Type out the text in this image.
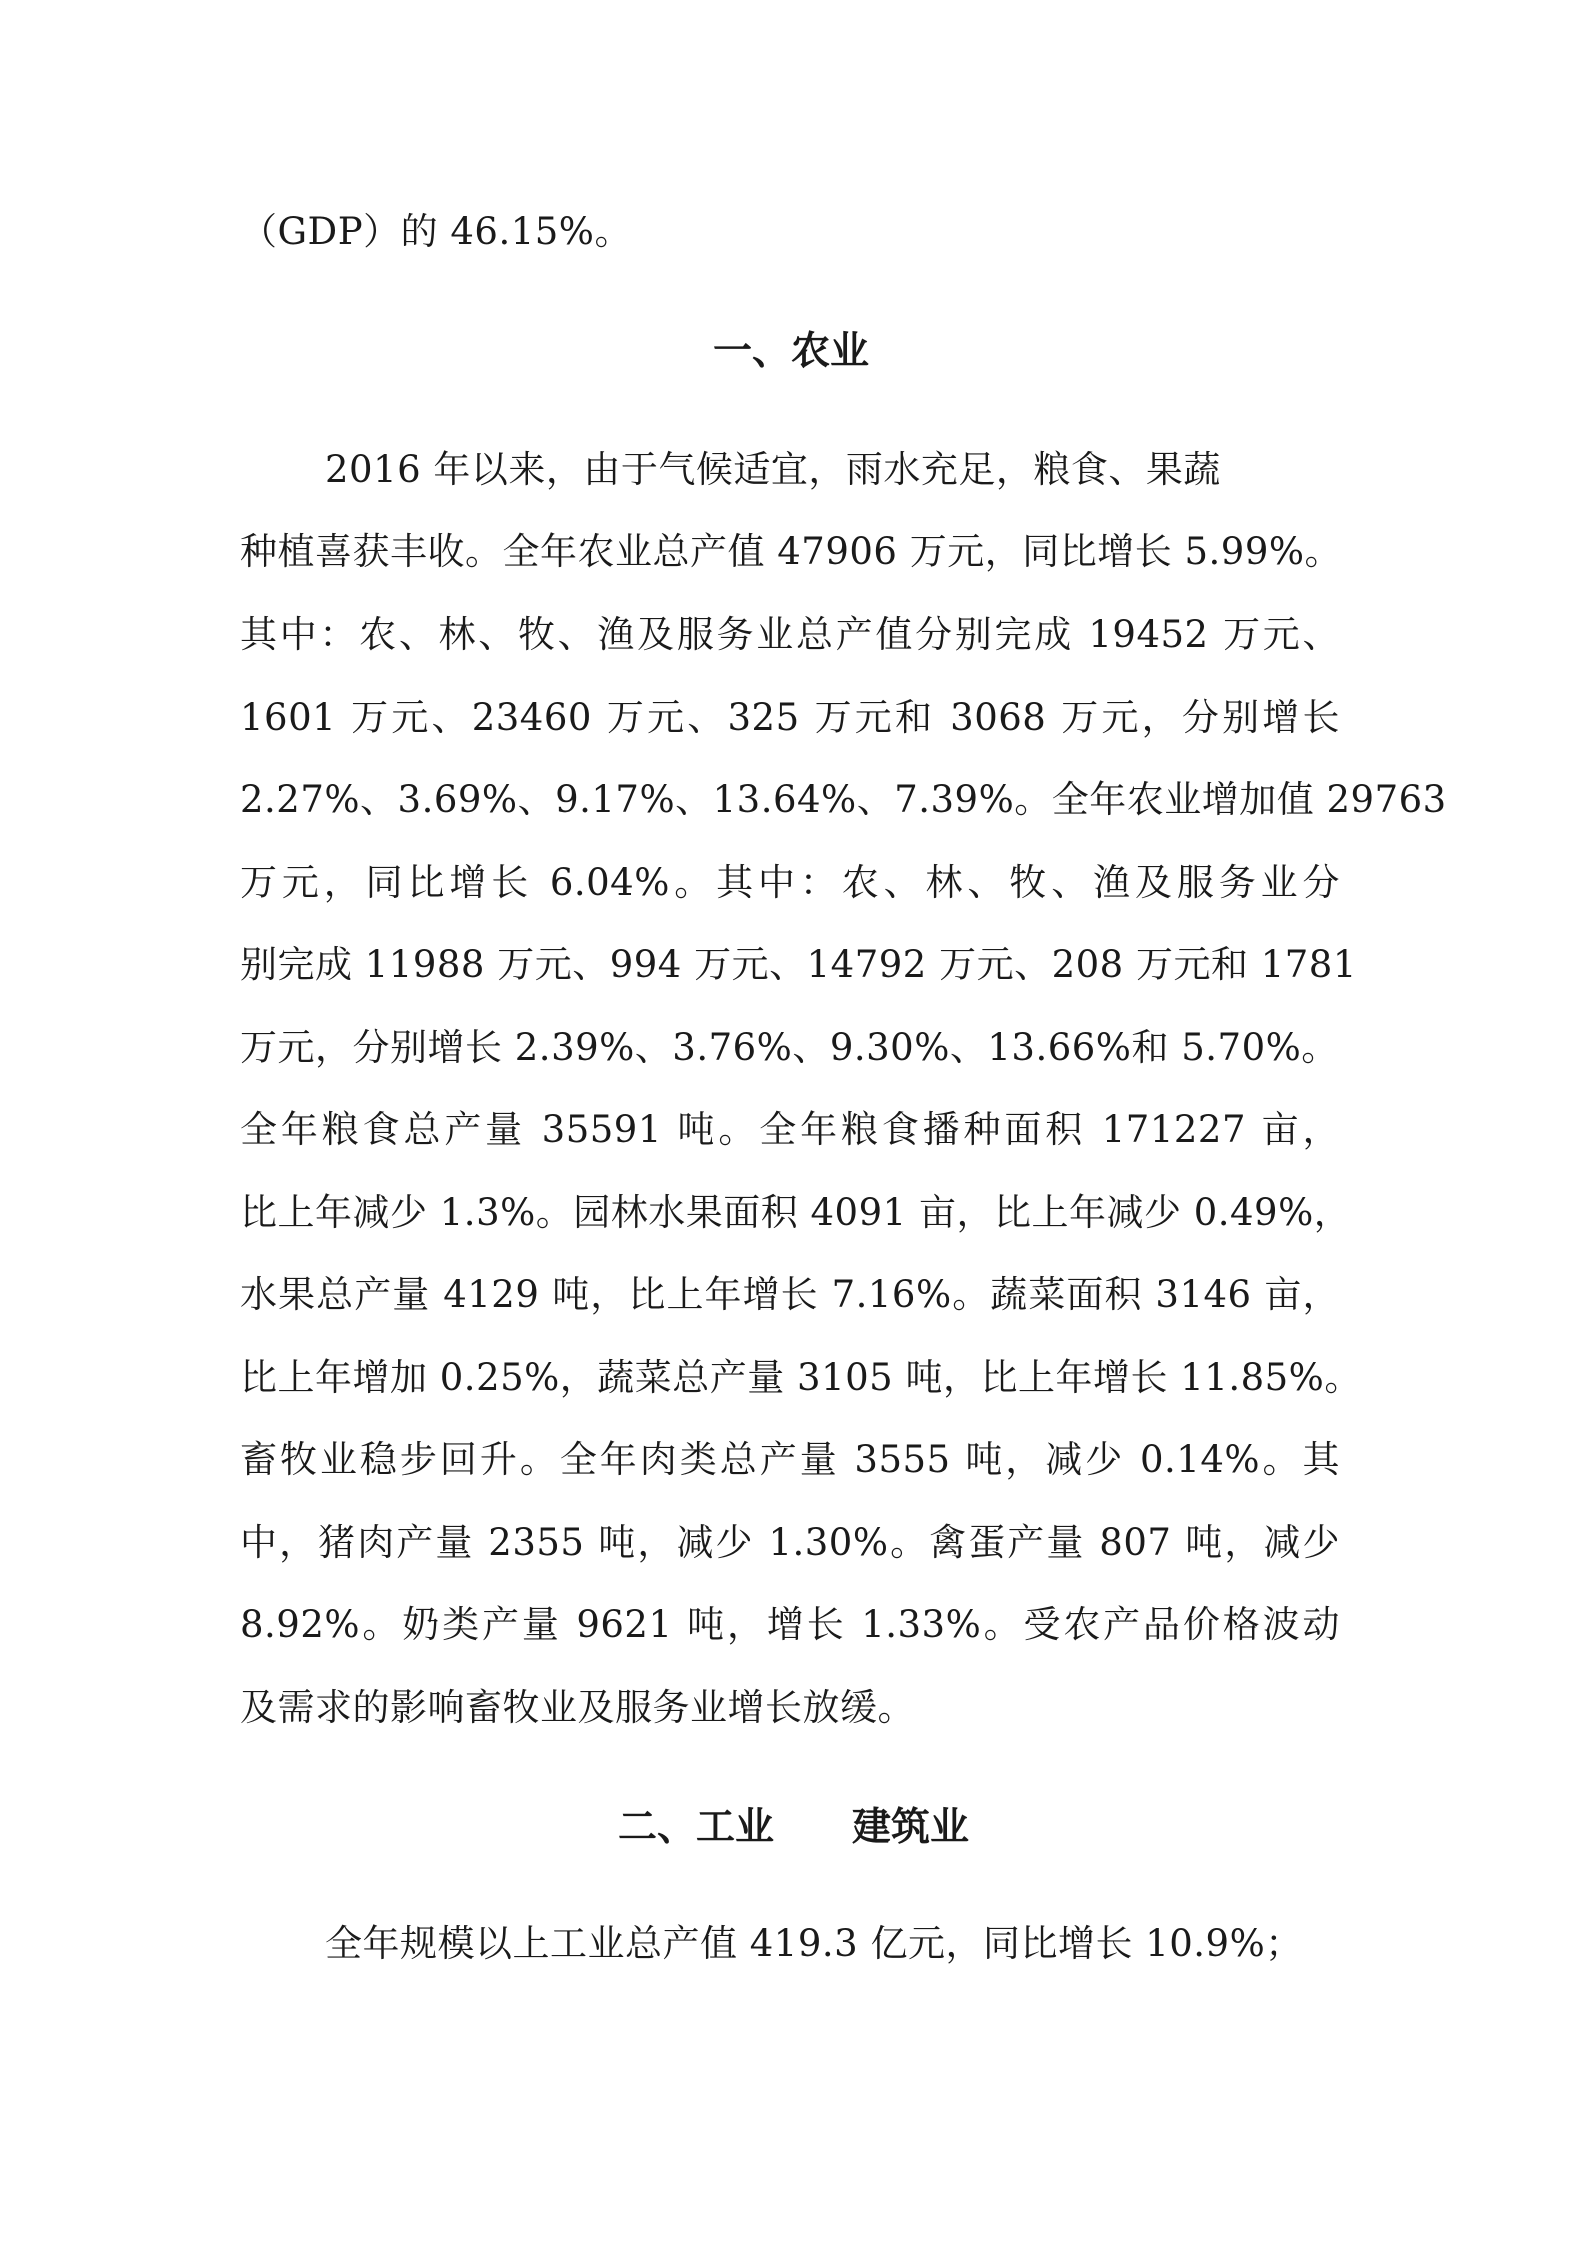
（GDP）的 46.15%。
一、农业
2016 年以来，由于气候适宜，雨水充足，粮食、果蔬
种植喜获丰收。全年农业总产值 47906 万元，同比增长 5.99%。
其中：农、林、牧、渔及服务业总产值分别完成 19452 万元、
1601 万元、23460 万元、325 万元和 3068 万元，分别增长
2.27%、3.69%、9.17%、13.64%、7.39%。全年农业增加值 29763
万元，同比增长 6.04%。其中：农、林、牧、渔及服务业分
别完成 11988 万元、994 万元、14792 万元、208 万元和 1781
万元，分别增长 2.39%、3.76%、9.30%、13.66%和 5.70%。
全年粮食总产量 35591 吨。全年粮食播种面积 171227 亩，
比上年减少 1.3%。园林水果面积 4091 亩，比上年减少 0.49%，
水果总产量 4129 吨，比上年增长 7.16%。蔬菜面积 3146 亩，
比上年增加 0.25%，蔬菜总产量 3105 吨，比上年增长 11.85%。
畜牧业稳步回升。全年肉类总产量 3555 吨，减少 0.14%。其
中，猪肉产量 2355 吨，减少 1.30%。禽蛋产量 807 吨，减少
8.92%。奶类产量 9621 吨，增长 1.33%。受农产品价格波动
及需求的影响畜牧业及服务业增长放缓。
二、工业　　建筑业
全年规模以上工业总产值 419.3 亿元，同比增长 10.9%；
